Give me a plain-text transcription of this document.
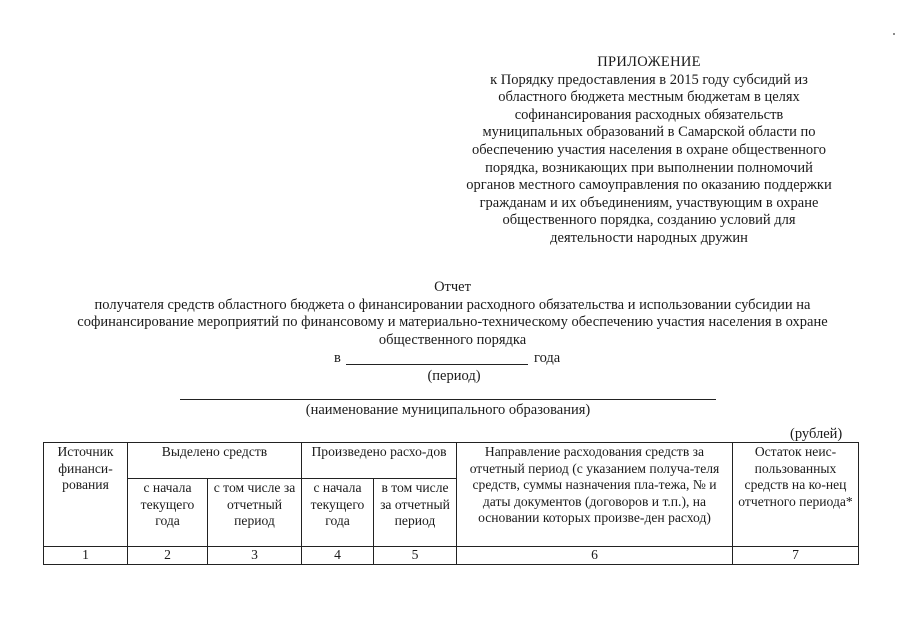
ПРИЛОЖЕНИЕ
к Порядку предоставления в 2015 году субсидий из
областного бюджета местным бюджетам в целях
софинансирования расходных обязательств
муниципальных образований в Самарской области по
обеспечению участия населения в охране общественного
порядка, возникающих при выполнении полномочий
органов местного самоуправления по оказанию поддержки
гражданам и их объединениям, участвующим в охране
общественного порядка, созданию условий для
деятельности народных дружин
Отчет
получателя средств областного бюджета о финансировании расходного обязательства и использовании субсидии на
софинансирование мероприятий по финансовому и материально-техническому обеспечению участия населения в охране
общественного порядка
в	года
(период)
(наименование муниципального образования)
(рублей)
Источник финанси-рования	Выделено средств		Произведено расхо-дов		Направление расходования средств за отчетный период (с указанием получа-теля средств, суммы назначения пла-тежа, № и даты документов (договоров и т.п.), на основании которых произве-ден расход)	Остаток неис-пользованных средств на ко-нец отчетного периода*
	с начала текущего года	с том числе за отчетный период	с начала текущего года	в том числе за отчетный период		
1	2	3	4	5	6	7
